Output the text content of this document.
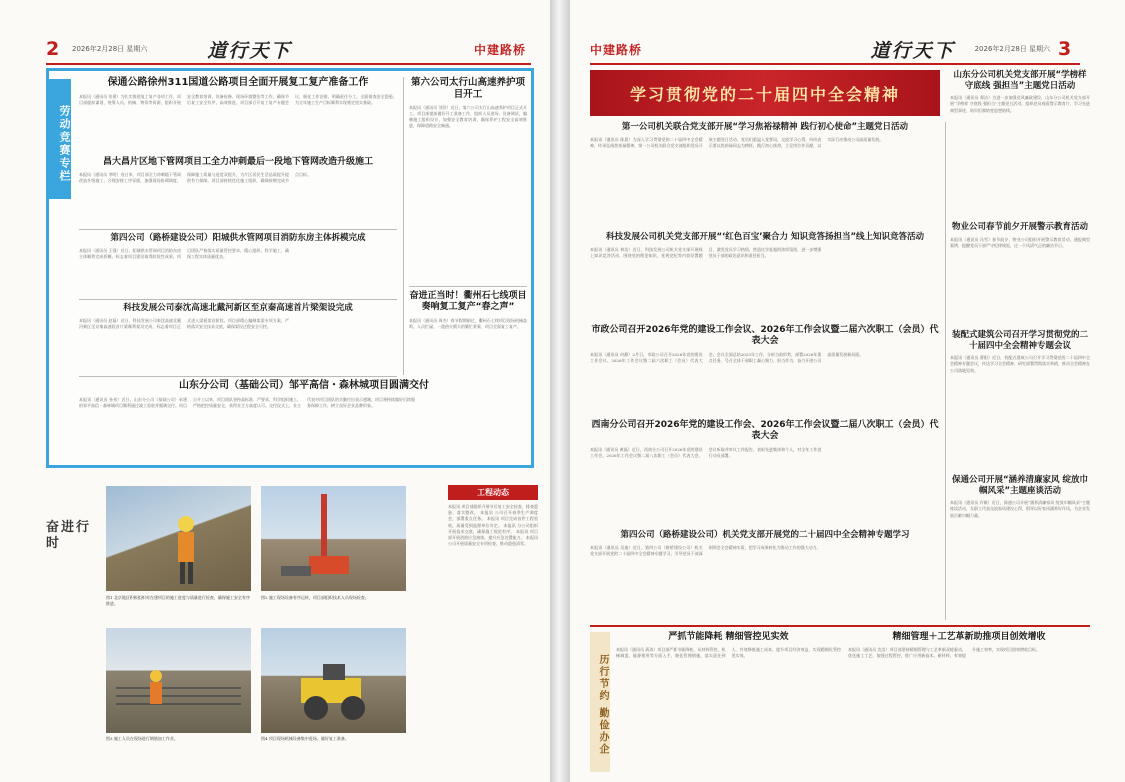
2	2026年2月28日 星期六	道行天下	中建路桥
劳动竞赛专栏
保通公路徐州311国道公路项目全面开展复工复产准备工作
本报讯（通讯员 张建）为扎实推进复工复产各项工作，项目部提前谋划，统筹人员、机械、物资等资源，组织开展安全教育培训、设备检修、现场环境整治等工作，确保节后复工安全有序、高效推进。项目部召开复工复产专题会议，细化工作安排，明确责任分工，全面排查安全隐患，为全年施工生产目标顺利实现奠定坚实基础。
昌大昌片区地下管网项目工全力冲刺最后一段地下管网改造升级施工
本报讯（通讯员 李明）连日来，项目部全力冲刺地下管网改造升级施工，合理安排工序穿插，加强现场协调调度，保障施工质量与进度双提升，为片区居民生活品质提升提供有力保障。项目部持续优化施工组织，确保按期完成节点目标。
第四公司（路桥建设公司）阳城供水管网项目消防东房主体拆模完成
本报讯（通讯员 王强）近日，阳城供水管网项目消防东房主体顺利完成拆模，标志着项目建设取得阶段性成果。项目团队严格落实质量管控要求，精心组织、科学施工，确保工程实体质量优良。
科技发展公司泰沈高速北戴河新区至京秦高速首片梁架设完成
本报讯（通讯员 赵磊）近日，科技发展公司泰沈高速北戴河新区至京秦高速段首片梁顺利架设完成，标志着项目正式进入梁板架设阶段。项目部精心编制架梁专项方案，严格落实安全技术交底，确保架设过程安全可控。
山东分公司（基础公司）邹平高信・森林城项目圆满交付
本报讯（通讯员 孙伟）近日，山东分公司（基础公司）承建的邹平高信・森林城项目顺利通过竣工验收并圆满交付。项目自开工以来，项目团队坚持高标准、严要求，科学组织施工，严格把控质量安全，获得业主方高度认可。交付仪式上，业主代表对项目团队的辛勤付出表示感谢，项目将持续做好后续服务保障工作，树立良好企业品牌形象。
第六公司太行山高速养护项目开工
本报讯（通讯员 刘洋）近日，第六公司太行山高速养护项目正式开工。项目部提前做好开工准备工作，组织人员进场、设备调试，编制施工组织设计，加强安全教育培训，确保养护工程安全高效推进，保障道路安全畅通。
奋进正当时！衢州石七线项目奏响复工复产“春之声”
本报讯（通讯员 周杰）春节假期刚过，衢州石七线项目现场机械轰鸣、人员忙碌，一派热火朝天的繁忙景象，项目全面复工复产。
奋进行时
图1 北京地区积极组织对在建项目的施工进度与质量进行检查，确保施工安全有序推进。
图2 施工现场设备有序运转，项目部组织技术人员现场检查。
图3 施工人员在现场进行钢筋加工作业。	图4 项目现场机械设备集中进场，做好复工准备。
工程动态
本报讯 项目部组织开展节后复工安全检查，排查隐患、落实整改。 本报讯 公司召开春季生产调度会，部署重点任务。 本报讯 项目完成首件工程验收，质量受到监理单位肯定。 本报讯 分公司组织开展技术交底，确保施工规范有序。 本报讯 项目部开展消防应急演练，提升应急处置能力。 本报讯 公司开展质量安全专项检查，推动隐患清零。
中建路桥	道行天下	2026年2月28日 星期六 3
学习贯彻党的二十届四中全会精神
第一公司机关联合党支部开展“学习焦裕禄精神 践行初心使命”主题党日活动
本报讯（通讯员 陈晨）为深入学习贯彻党的二十届四中全会精神，传承弘扬焦裕禄精神，第一公司机关联合党支部组织党员开展主题党日活动。党员们重温入党誓词，交流学习心得，纷纷表示要以焦裕禄同志为榜样，践行初心使命，立足岗位作贡献，以实际行动推动公司高质量发展。
科技发展公司机关党支部开展“‘红色百宝’聚合力 知识竞答扬担当”线上知识竞答活动
本报讯（通讯员 林浩）近日，科技发展公司机关党支部开展线上知识竞答活动，围绕党的理论知识、党规党纪等内容设置题目，激发党员学习热情，营造比学赶超的浓厚氛围，进一步增强党员干部的政治意识和责任担当。
市政公司召开2026年党的建设工作会议、2026年工作会议暨二届六次职工（会员）代表大会
本报讯（通讯员 何静）2月日，市政公司召开2026年党的建设工作会议、2026年工作会议暨二届六次职工（会员）代表大会。会议全面总结2025年工作，分析当前形势，部署2026年重点任务，号召全体干部职工凝心聚力、担当作为，奋力开创公司高质量发展新局面。
西南分公司召开2026年党的建设工作会、2026年工作会议暨二届八次职工（会员）代表大会
本报讯（通讯员 黄磊）近日，西南分公司召开2026年党的建设工作会、2026年工作会议暨二届八次职工（会员）代表大会。会议听取并审议工作报告，表彰先进集体和个人，对全年工作进行动员部署。
第四公司（路桥建设公司）机关党支部开展党的二十届四中全会精神专题学习
本报讯（通讯员 吴迪）近日，第四公司（路桥建设公司）机关党支部开展党的二十届四中全会精神专题学习，引导党员干部深刻领会全会精神实质，把学习成果转化为推动工作的强大动力。
山东分公司机关党支部开展“学榜样 守底线 强担当”主题党日活动
本报讯（通讯员 郑洁）为进一步加强党风廉政建设，山东分公司机关党支部开展“学榜样 守底线 强担当”主题党日活动，组织党员观看警示教育片，学习先进典型事迹，筑牢拒腐防变思想防线。
物业公司春节前夕开展警示教育活动
本报讯（通讯员 冯雪）春节前夕，物业公司组织开展警示教育活动，通报典型案例，提醒党员干部严守纪律规矩，过一个风清气正的廉洁节日。
装配式建筑公司召开学习贯彻党的二十届四中全会精神专题会议
本报讯（通讯员 曹阳）近日，装配式建筑公司召开学习贯彻党的二十届四中全会精神专题会议，传达学习全会精神，研究部署贯彻落实举措，推动全会精神在公司落地见效。
保通公司开展“涵养清廉家风 绽放巾帼风采”主题座谈活动
本报讯（通讯员 许敏）近日，保通公司开展“涵养清廉家风 绽放巾帼风采”主题座谈活动，女职工代表交流家风建设心得，倡导以好家风涵养好作风，为企业发展贡献巾帼力量。
历行节约 勤俭办企
严抓节能降耗 精细管控见实效
本报讯（通讯员 蒋涛）项目部严抓节能降耗，从材料管控、机械调度、能源使用等方面入手，细化管理措施，落实责任到人，有效降低施工成本，提升项目经济效益，实现精细化管控见实效。
精细管理＋工艺革新助推项目创效增收
本报讯（通讯员 沈浩）项目部坚持精细管理与工艺革新双轮驱动，优化施工工艺，加强过程管控，推广应用新技术、新材料，有效提升施工效率，实现项目创效增收目标。
